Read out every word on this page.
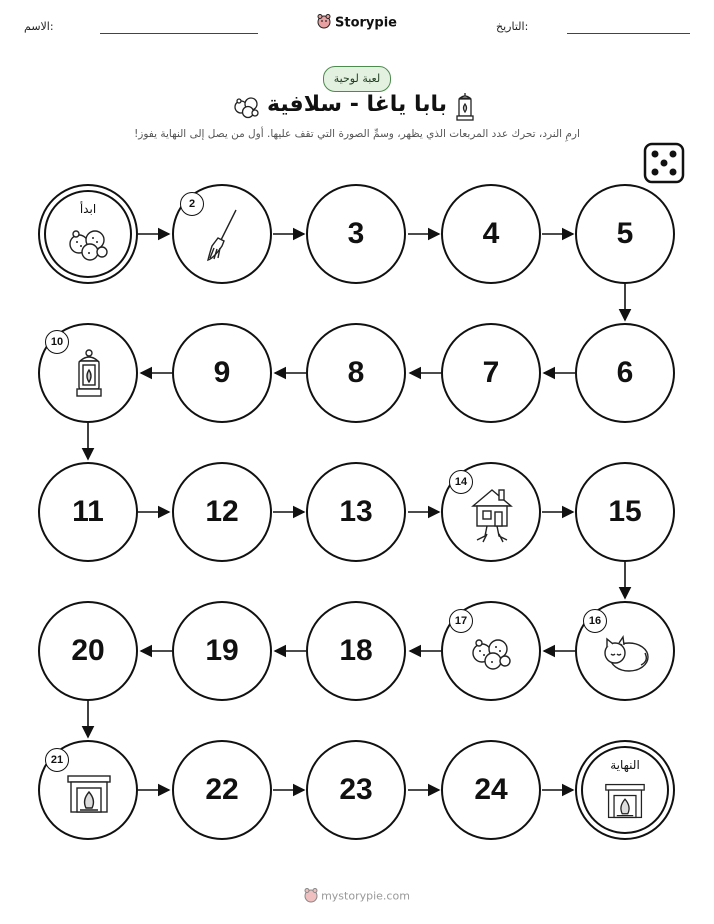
الاسم:	Storypie	التاريخ:
لعبة لوحية
بابا ياغا - سلافية
ارمِ النرد، تحرك عدد المربعات الذي يظهر، وسمِّ الصورة التي تقف عليها. أول من يصل إلى النهاية يفوز!
ابدأ	2
3	4	5
6
7
8
9
10
11	12	13
14
15
16
17
18
19
20
21
22	23	24
النهاية
mystorypie.com
